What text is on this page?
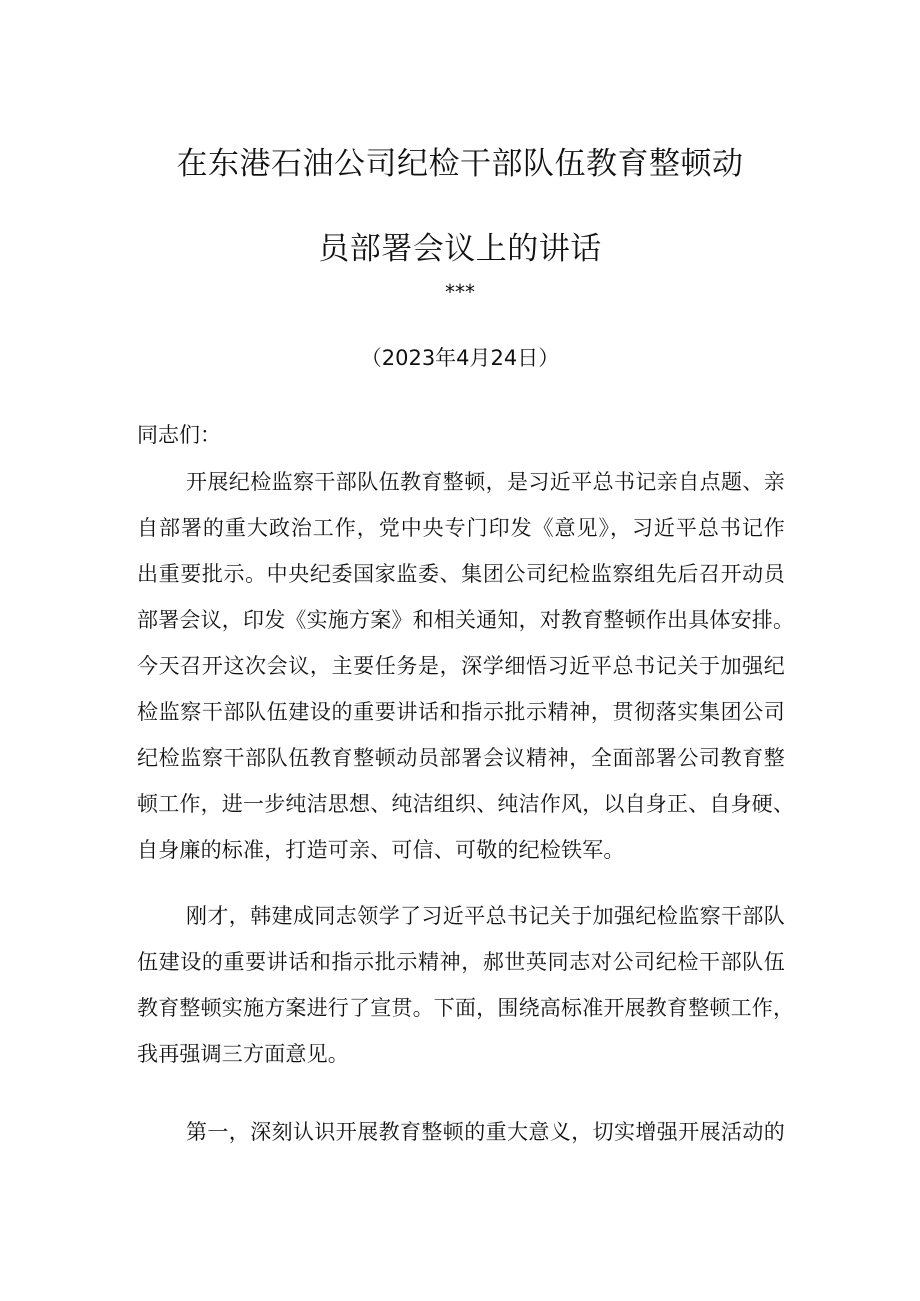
在东港石油公司纪检干部队伍教育整顿动
员部署会议上的讲话
***
（2023年4月24日）
同志们：
开展纪检监察干部队伍教育整顿，是习近平总书记亲自点题、亲
自部署的重大政治工作，党中央专门印发《意见》，习近平总书记作
出重要批示。中央纪委国家监委、集团公司纪检监察组先后召开动员
部署会议，印发《实施方案》和相关通知，对教育整顿作出具体安排。
今天召开这次会议，主要任务是，深学细悟习近平总书记关于加强纪
检监察干部队伍建设的重要讲话和指示批示精神，贯彻落实集团公司
纪检监察干部队伍教育整顿动员部署会议精神，全面部署公司教育整
顿工作，进一步纯洁思想、纯洁组织、纯洁作风，以自身正、自身硬、
自身廉的标准，打造可亲、可信、可敬的纪检铁军。
刚才，韩建成同志领学了习近平总书记关于加强纪检监察干部队
伍建设的重要讲话和指示批示精神，郝世英同志对公司纪检干部队伍
教育整顿实施方案进行了宣贯。下面，围绕高标准开展教育整顿工作，
我再强调三方面意见。
第一，深刻认识开展教育整顿的重大意义，切实增强开展活动的
